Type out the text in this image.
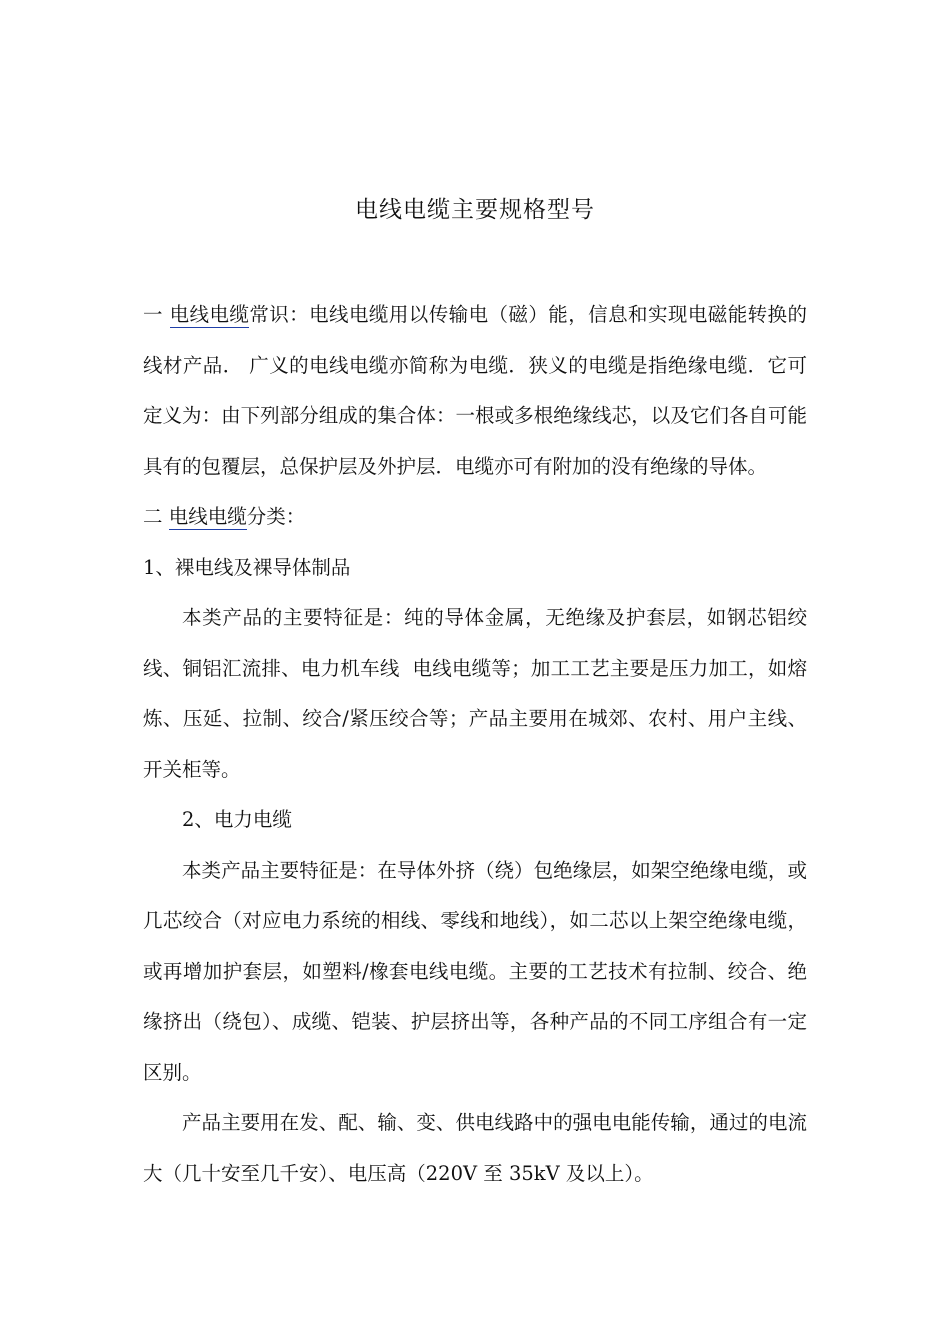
电线电缆主要规格型号

一 电线电缆常识：电线电缆用以传输电（磁）能，信息和实现电磁能转换的线材产品． 广义的电线电缆亦简称为电缆．狭义的电缆是指绝缘电缆．它可定义为：由下列部分组成的集合体：一根或多根绝缘线芯，以及它们各自可能具有的包覆层，总保护层及外护层．电缆亦可有附加的没有绝缘的导体。

二 电线电缆分类：

1、裸电线及裸导体制品

本类产品的主要特征是：纯的导体金属，无绝缘及护套层，如钢芯铝绞线、铜铝汇流排、电力机车线  电线电缆等；加工工艺主要是压力加工，如熔炼、压延、拉制、绞合/紧压绞合等；产品主要用在城郊、农村、用户主线、开关柜等。

2、电力电缆

本类产品主要特征是：在导体外挤（绕）包绝缘层，如架空绝缘电缆，或几芯绞合（对应电力系统的相线、零线和地线），如二芯以上架空绝缘电缆，或再增加护套层，如塑料/橡套电线电缆。主要的工艺技术有拉制、绞合、绝缘挤出（绕包）、成缆、铠装、护层挤出等，各种产品的不同工序组合有一定区别。

产品主要用在发、配、输、变、供电线路中的强电电能传输，通过的电流大（几十安至几千安）、电压高（220V 至 35kV 及以上）。
